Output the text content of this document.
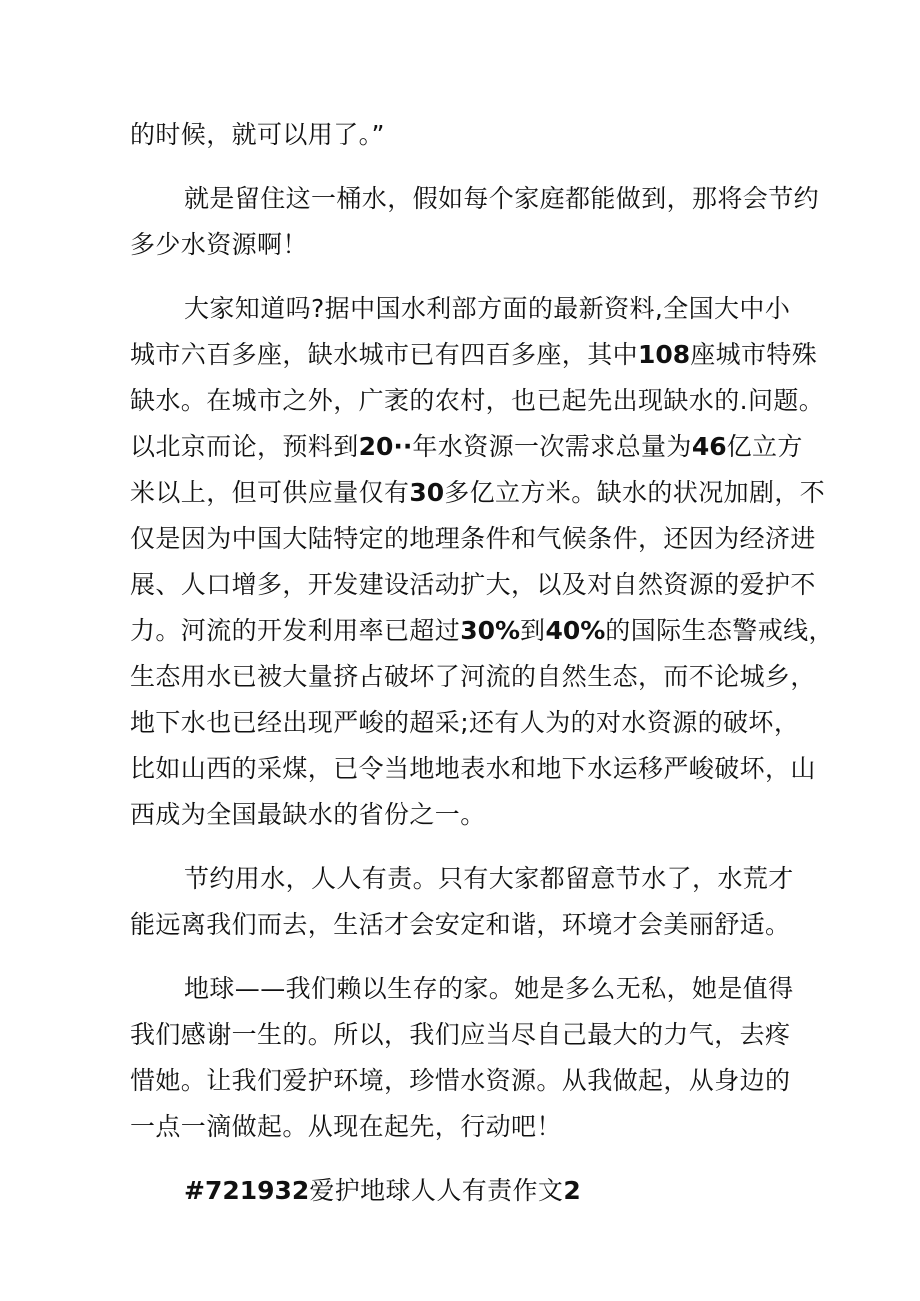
的时候，就可以用了。”
就是留住这一桶水，假如每个家庭都能做到，那将会节约
多少水资源啊！
大家知道吗?据中国水利部方面的最新资料,全国大中小
城市六百多座，缺水城市已有四百多座，其中108座城市特殊
缺水。在城市之外，广袤的农村，也已起先出现缺水的.问题。
以北京而论，预料到20··年水资源一次需求总量为46亿立方
米以上，但可供应量仅有30多亿立方米。缺水的状况加剧，不
仅是因为中国大陆特定的地理条件和气候条件，还因为经济进
展、人口增多，开发建设活动扩大，以及对自然资源的爱护不
力。河流的开发利用率已超过30%到40%的国际生态警戒线，
生态用水已被大量挤占破坏了河流的自然生态，而不论城乡，
地下水也已经出现严峻的超采;还有人为的对水资源的破坏，
比如山西的采煤，已令当地地表水和地下水运移严峻破坏，山
西成为全国最缺水的省份之一。
节约用水，人人有责。只有大家都留意节水了，水荒才
能远离我们而去，生活才会安定和谐，环境才会美丽舒适。
地球——我们赖以生存的家。她是多么无私，她是值得
我们感谢一生的。所以，我们应当尽自己最大的力气，去疼
惜她。让我们爱护环境，珍惜水资源。从我做起，从身边的
一点一滴做起。从现在起先，行动吧！
#721932爱护地球人人有责作文2
